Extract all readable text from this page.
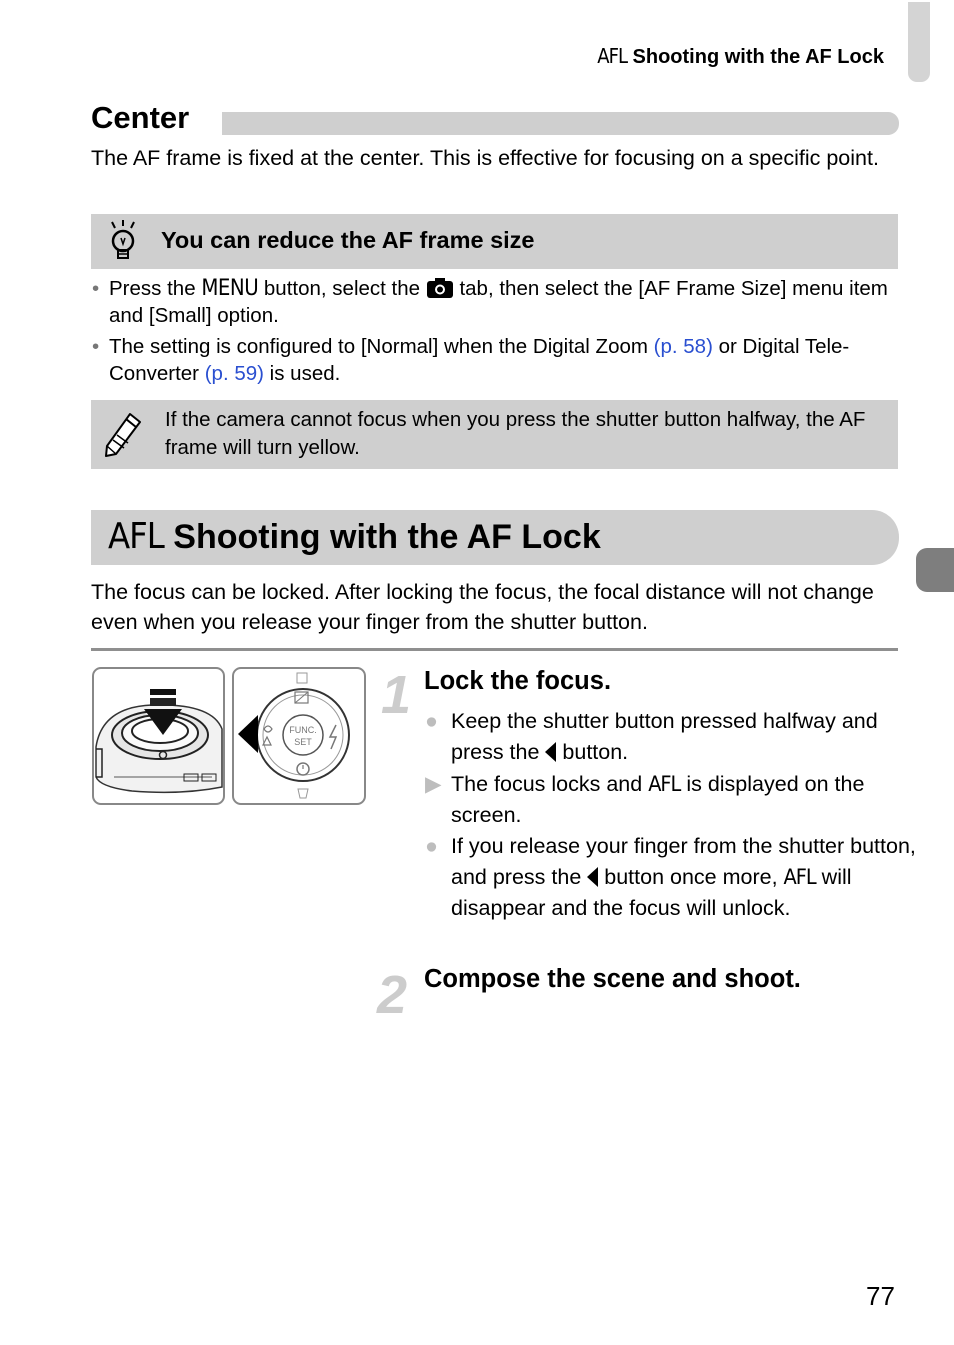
AFL Shooting with the AF Lock
Center
The AF frame is fixed at the center. This is effective for focusing on a specific point.
You can reduce the AF frame size
• Press the MENU button, select the tab, then select the [AF Frame Size] menu item and [Small] option.
• The setting is configured to [Normal] when the Digital Zoom (p. 58) or Digital Tele-Converter (p. 59) is used.
If the camera cannot focus when you press the shutter button halfway, the AF frame will turn yellow.
AFL Shooting with the AF Lock
The focus can be locked. After locking the focus, the focal distance will not change even when you release your finger from the shutter button.
FUNC.
SET
1 Lock the focus.
● Keep the shutter button pressed halfway and press the button.
▶ The focus locks and AFL is displayed on the screen.
● If you release your finger from the shutter button, and press the button once more, AFL will disappear and the focus will unlock.
2 Compose the scene and shoot.
77
